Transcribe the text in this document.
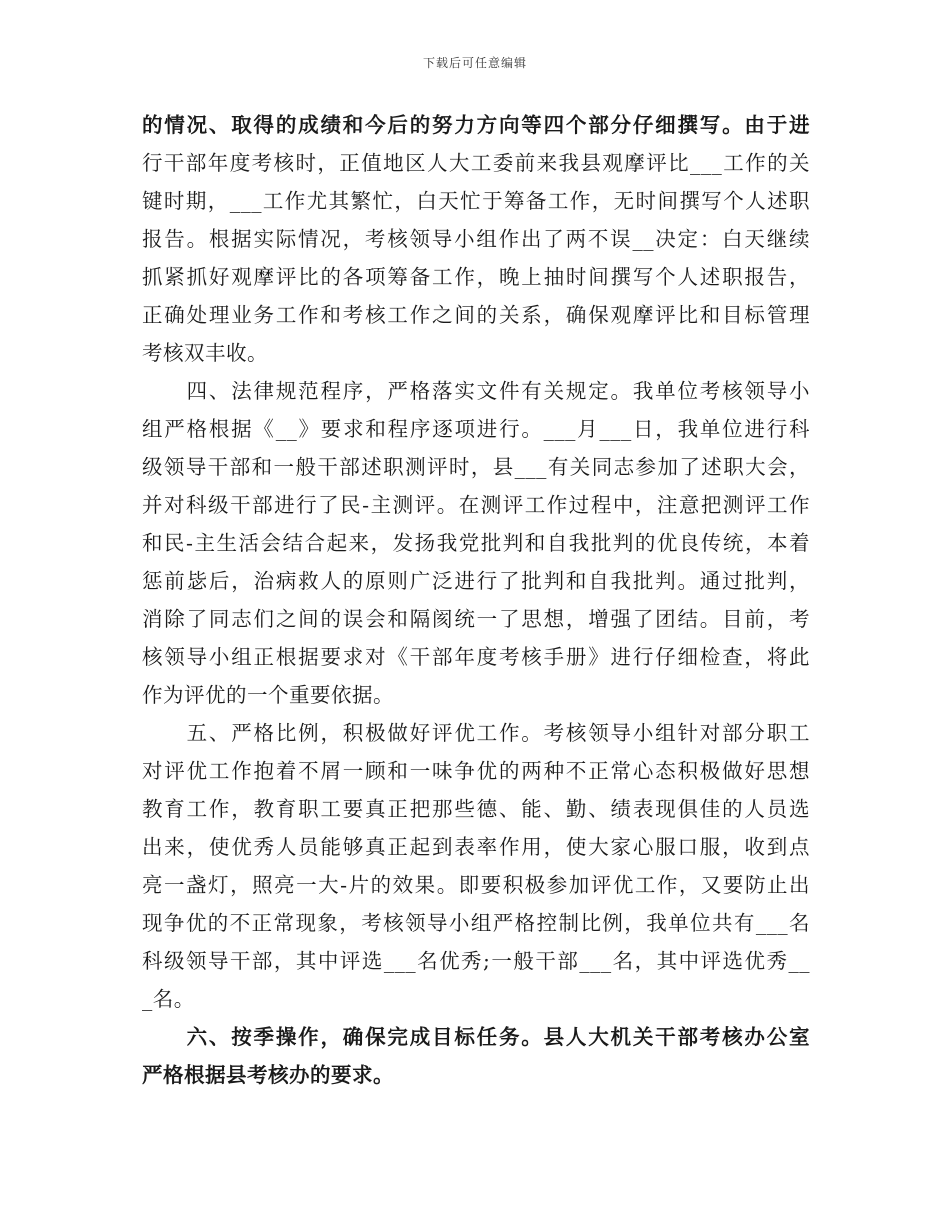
下载后可任意编辑
的情况、取得的成绩和今后的努力方向等四个部分仔细撰写。由于进
行干部年度考核时，正值地区人大工委前来我县观摩评比___工作的关
键时期，___工作尤其繁忙，白天忙于筹备工作，无时间撰写个人述职
报告。根据实际情况，考核领导小组作出了两不误__决定：白天继续
抓紧抓好观摩评比的各项筹备工作，晚上抽时间撰写个人述职报告，
正确处理业务工作和考核工作之间的关系，确保观摩评比和目标管理
考核双丰收。
　　四、法律规范程序，严格落实文件有关规定。我单位考核领导小
组严格根据《__》要求和程序逐项进行。___月___日，我单位进行科
级领导干部和一般干部述职测评时，县___有关同志参加了述职大会，
并对科级干部进行了民-主测评。在测评工作过程中，注意把测评工作
和民-主生活会结合起来，发扬我党批判和自我批判的优良传统，本着
惩前毖后，治病救人的原则广泛进行了批判和自我批判。通过批判，
消除了同志们之间的误会和隔阂统一了思想，增强了团结。目前，考
核领导小组正根据要求对《干部年度考核手册》进行仔细检查，将此
作为评优的一个重要依据。
　　五、严格比例，积极做好评优工作。考核领导小组针对部分职工
对评优工作抱着不屑一顾和一味争优的两种不正常心态积极做好思想
教育工作，教育职工要真正把那些德、能、勤、绩表现俱佳的人员选
出来，使优秀人员能够真正起到表率作用，使大家心服口服，收到点
亮一盏灯，照亮一大-片的效果。即要积极参加评优工作，又要防止出
现争优的不正常现象，考核领导小组严格控制比例，我单位共有___名
科级领导干部，其中评选___名优秀;一般干部___名，其中评选优秀__
_名。
　　六、按季操作，确保完成目标任务。县人大机关干部考核办公室
严格根据县考核办的要求。
